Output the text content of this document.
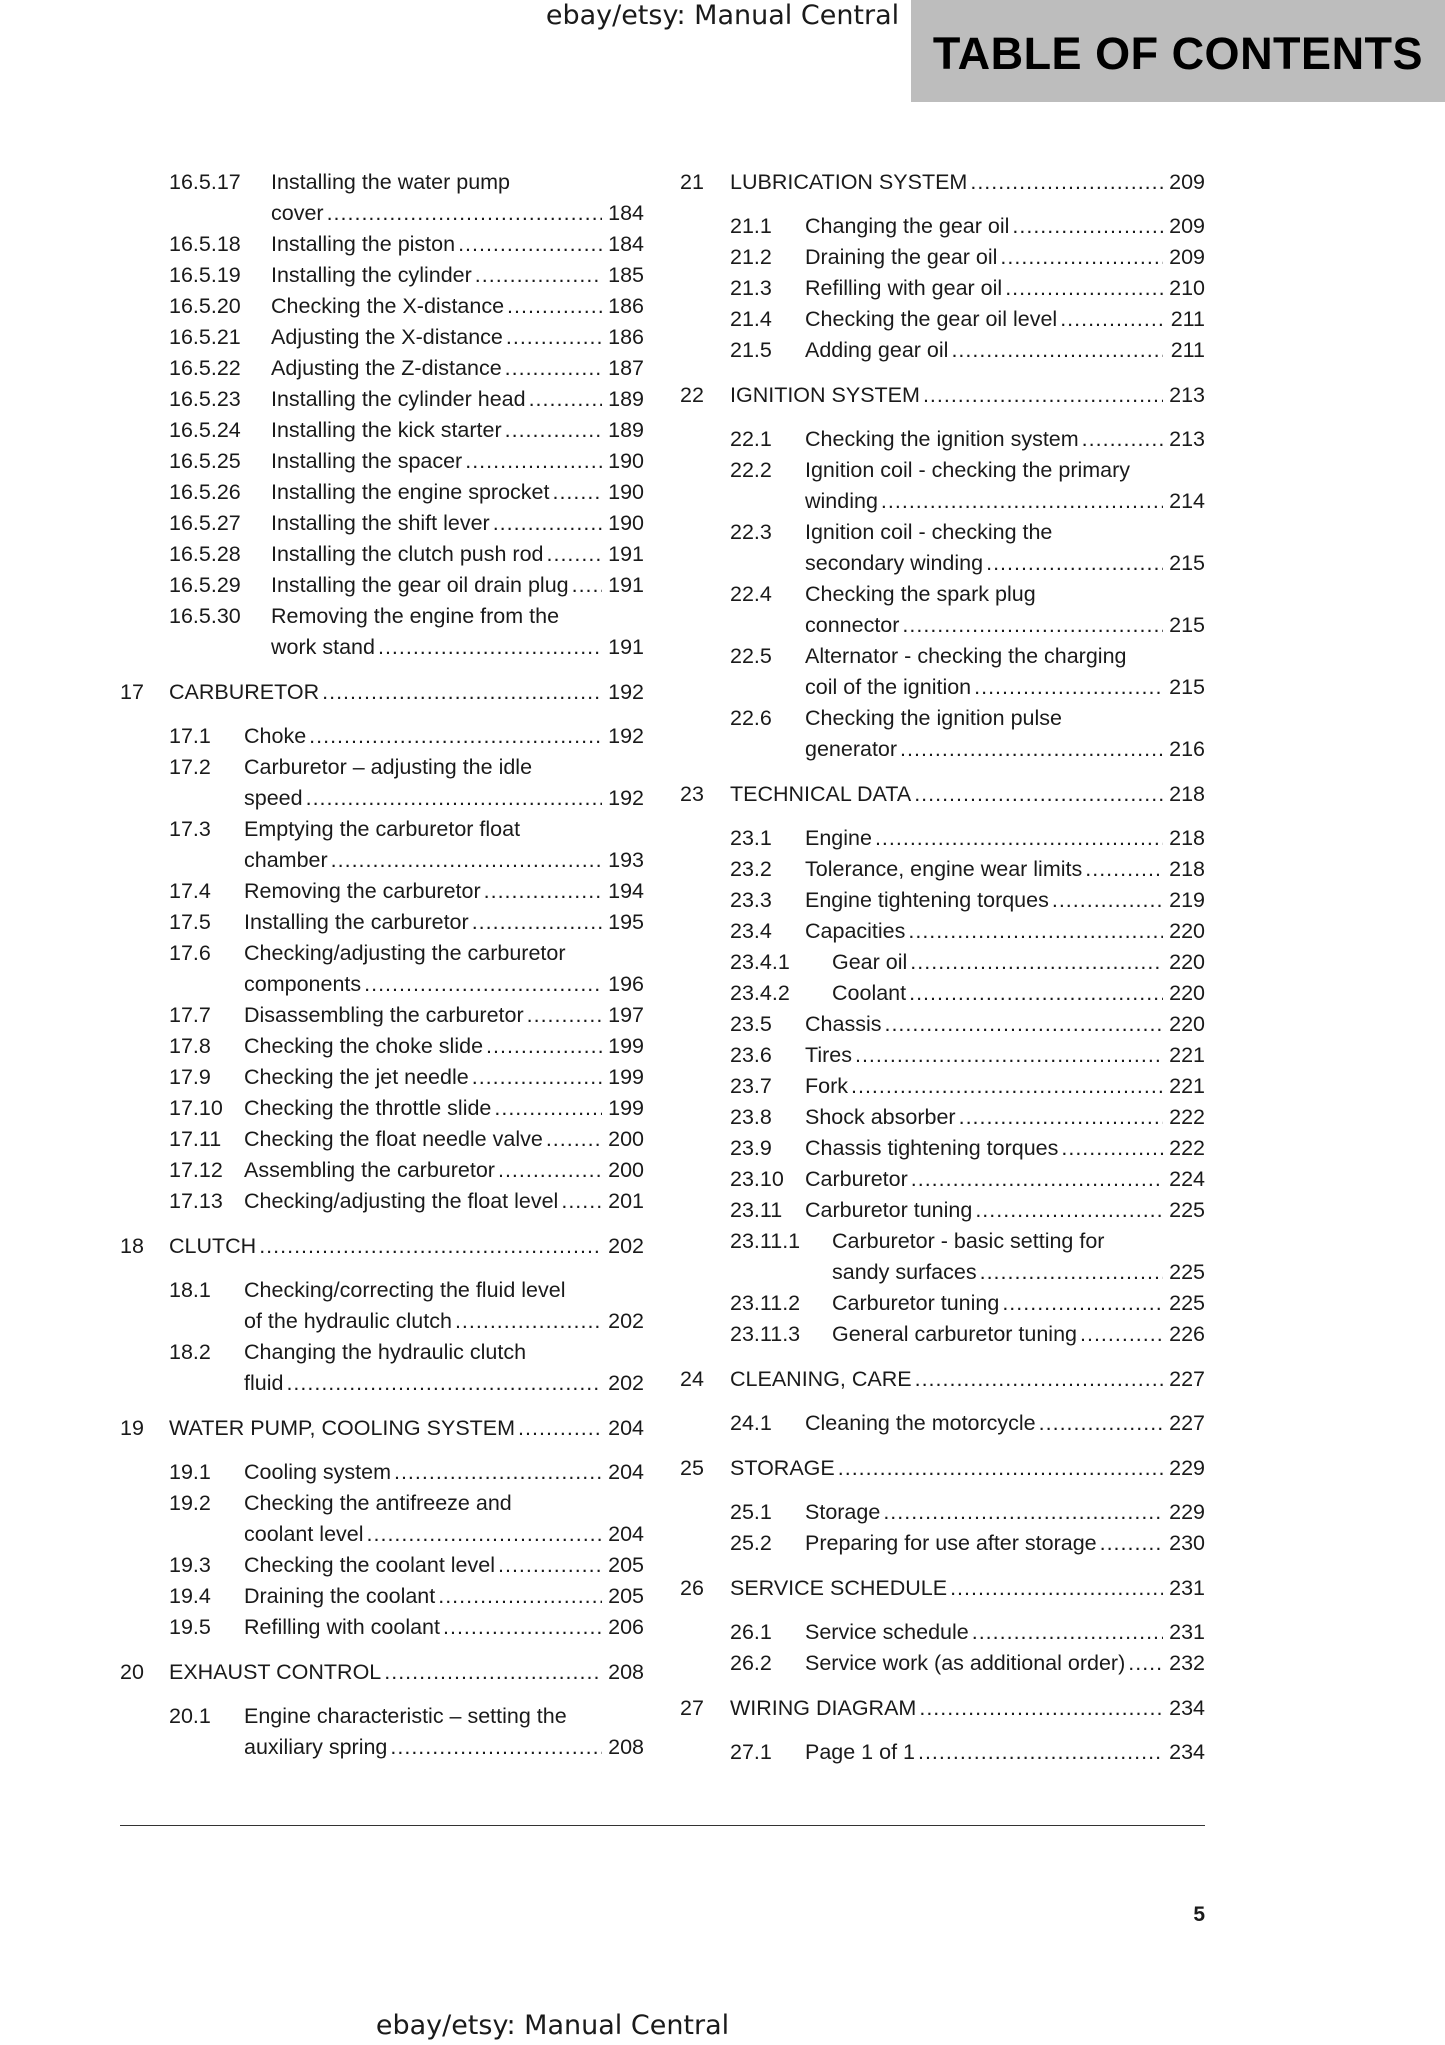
ebay/etsy: Manual Central
TABLE OF CONTENTS
16.5.17 Installing the water pump
cover .....	184
16.5.18 Installing the piston .....	184
16.5.19 Installing the cylinder .....	185
16.5.20 Checking the X-distance .....	186
16.5.21 Adjusting the X-distance .....	186
16.5.22 Adjusting the Z-distance .....	187
16.5.23 Installing the cylinder head .....	189
16.5.24 Installing the kick starter .....	189
16.5.25 Installing the spacer .....	190
16.5.26 Installing the engine sprocket .....	190
16.5.27 Installing the shift lever .....	190
16.5.28 Installing the clutch push rod .....	191
16.5.29 Installing the gear oil drain plug ..... 191
16.5.30 Removing the engine from the
work stand .....	191
17 CARBURETOR .....	192
17.1 Choke .....	192
17.2 Carburetor – adjusting the idle
speed .....	192
17.3 Emptying the carburetor float
chamber .....	193
17.4 Removing the carburetor .....	194
17.5 Installing the carburetor .....	195
17.6 Checking/adjusting the carburetor
components .....	196
17.7 Disassembling the carburetor .....	197
17.8 Checking the choke slide .....	199
17.9 Checking the jet needle .....	199
17.10 Checking the throttle slide .....	199
17.11 Checking the float needle valve .....	200
17.12 Assembling the carburetor .....	200
17.13 Checking/adjusting the float level ..... 201
18 CLUTCH .....	202
18.1 Checking/correcting the fluid level
of the hydraulic clutch .....	202
18.2 Changing the hydraulic clutch
fluid .....	202
19 WATER PUMP, COOLING SYSTEM .....	204
19.1 Cooling system .....	204
19.2 Checking the antifreeze and
coolant level .....	204
19.3 Checking the coolant level .....	205
19.4 Draining the coolant .....	205
19.5 Refilling with coolant .....	206
20 EXHAUST CONTROL .....	208
20.1 Engine characteristic – setting the
auxiliary spring .....	208
21 LUBRICATION SYSTEM .....	209
21.1 Changing the gear oil .....	209
21.2 Draining the gear oil .....	209
21.3 Refilling with gear oil .....	210
21.4 Checking the gear oil level .....	211
21.5 Adding gear oil .....	211
22 IGNITION SYSTEM .....	213
22.1 Checking the ignition system .....	213
22.2 Ignition coil - checking the primary
winding .....	214
22.3 Ignition coil - checking the
secondary winding .....	215
22.4 Checking the spark plug
connector .....	215
22.5 Alternator - checking the charging
coil of the ignition .....	215
22.6 Checking the ignition pulse
generator .....	216
23 TECHNICAL DATA .....	218
23.1 Engine .....	218
23.2 Tolerance, engine wear limits .....	218
23.3 Engine tightening torques .....	219
23.4 Capacities .....	220
23.4.1 Gear oil .....	220
23.4.2 Coolant .....	220
23.5 Chassis .....	220
23.6 Tires .....	221
23.7 Fork .....	221
23.8 Shock absorber .....	222
23.9 Chassis tightening torques .....	222
23.10 Carburetor .....	224
23.11 Carburetor tuning .....	225
23.11.1 Carburetor - basic setting for
sandy surfaces .....	225
23.11.2 Carburetor tuning .....	225
23.11.3 General carburetor tuning .....	226
24 CLEANING, CARE .....	227
24.1 Cleaning the motorcycle .....	227
25 STORAGE .....	229
25.1 Storage .....	229
25.2 Preparing for use after storage .....	230
26 SERVICE SCHEDULE .....	231
26.1 Service schedule .....	231
26.2 Service work (as additional order) ..... 232
27 WIRING DIAGRAM .....	234
27.1 Page 1 of 1 .....	234
5
ebay/etsy: Manual Central
